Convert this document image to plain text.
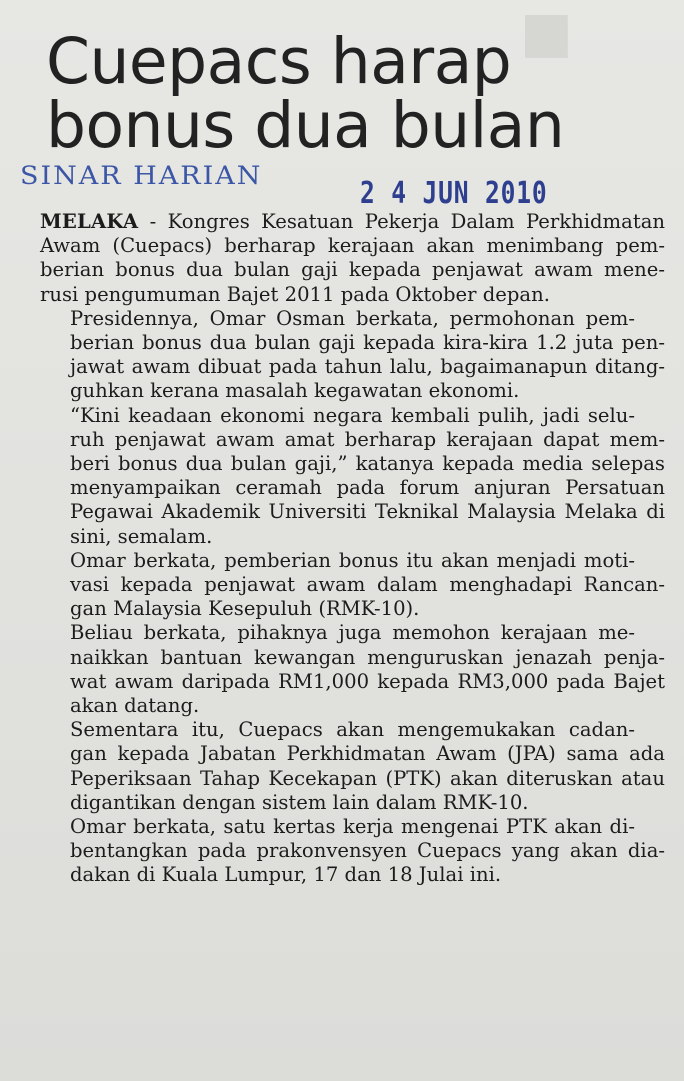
■
Cuepacs harap
bonus dua bulan
SINAR HARIAN	2 4 JUN 2010

MELAKA - Kongres Kesatuan Pekerja Dalam Perkhidmatan
Awam (Cuepacs) berharap kerajaan akan menimbang pem-
berian bonus dua bulan gaji kepada penjawat awam mene-
rusi pengumuman Bajet 2011 pada Oktober depan.

Presidennya, Omar Osman berkata, permohonan pem-
berian bonus dua bulan gaji kepada kira-kira 1.2 juta pen-
jawat awam dibuat pada tahun lalu, bagaimanapun ditang-
guhkan kerana masalah kegawatan ekonomi.

“Kini keadaan ekonomi negara kembali pulih, jadi selu-
ruh penjawat awam amat berharap kerajaan dapat mem-
beri bonus dua bulan gaji,” katanya kepada media selepas
menyampaikan ceramah pada forum anjuran Persatuan
Pegawai Akademik Universiti Teknikal Malaysia Melaka di
sini, semalam.

Omar berkata, pemberian bonus itu akan menjadi moti-
vasi kepada penjawat awam dalam menghadapi Rancan-
gan Malaysia Kesepuluh (RMK-10).

Beliau berkata, pihaknya juga memohon kerajaan me-
naikkan bantuan kewangan menguruskan jenazah penja-
wat awam daripada RM1,000 kepada RM3,000 pada Bajet
akan datang.

Sementara itu, Cuepacs akan mengemukakan cadan-
gan kepada Jabatan Perkhidmatan Awam (JPA) sama ada
Peperiksaan Tahap Kecekapan (PTK) akan diteruskan atau
digantikan dengan sistem lain dalam RMK-10.

Omar berkata, satu kertas kerja mengenai PTK akan di-
bentangkan pada prakonvensyen Cuepacs yang akan dia-
dakan di Kuala Lumpur, 17 dan 18 Julai ini.
